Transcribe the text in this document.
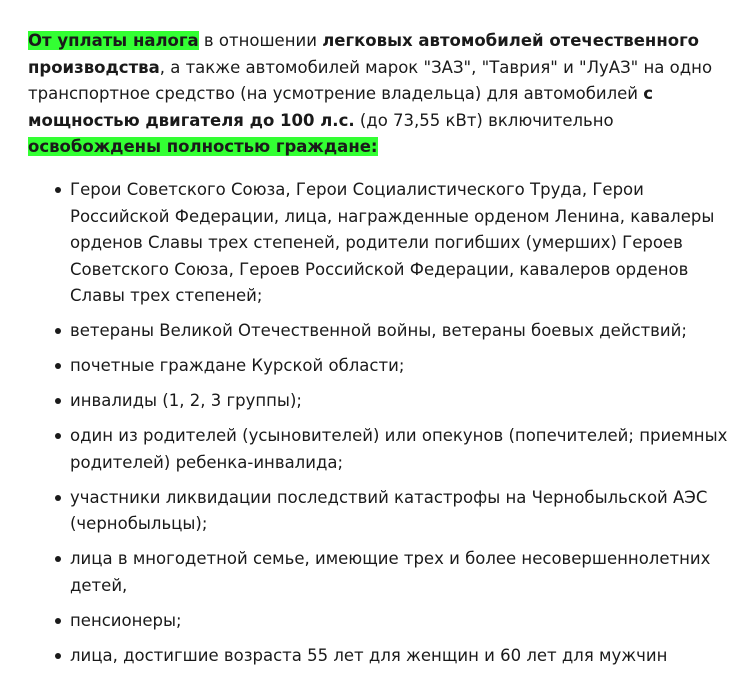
От уплаты налога в отношении легковых автомобилей отечественного производства, а также автомобилей марок "ЗАЗ", "Таврия" и "ЛуАЗ" на одно транспортное средство (на усмотрение владельца) для автомобилей с мощностью двигателя до 100 л.с. (до 73,55 кВт) включительно освобождены полностью граждане:

Герои Советского Союза, Герои Социалистического Труда, Герои Российской Федерации, лица, награжденные орденом Ленина, кавалеры орденов Славы трех степеней, родители погибших (умерших) Героев Советского Союза, Героев Российской Федерации, кавалеров орденов Славы трех степеней;
ветераны Великой Отечественной войны, ветераны боевых действий;
почетные граждане Курской области;
инвалиды (1, 2, 3 группы);
один из родителей (усыновителей) или опекунов (попечителей; приемных родителей) ребенка-инвалида;
участники ликвидации последствий катастрофы на Чернобыльской АЭС (чернобыльцы);
лица в многодетной семье, имеющие трех и более несовершеннолетних детей,
пенсионеры;
лица, достигшие возраста 55 лет для женщин и 60 лет для мужчин
